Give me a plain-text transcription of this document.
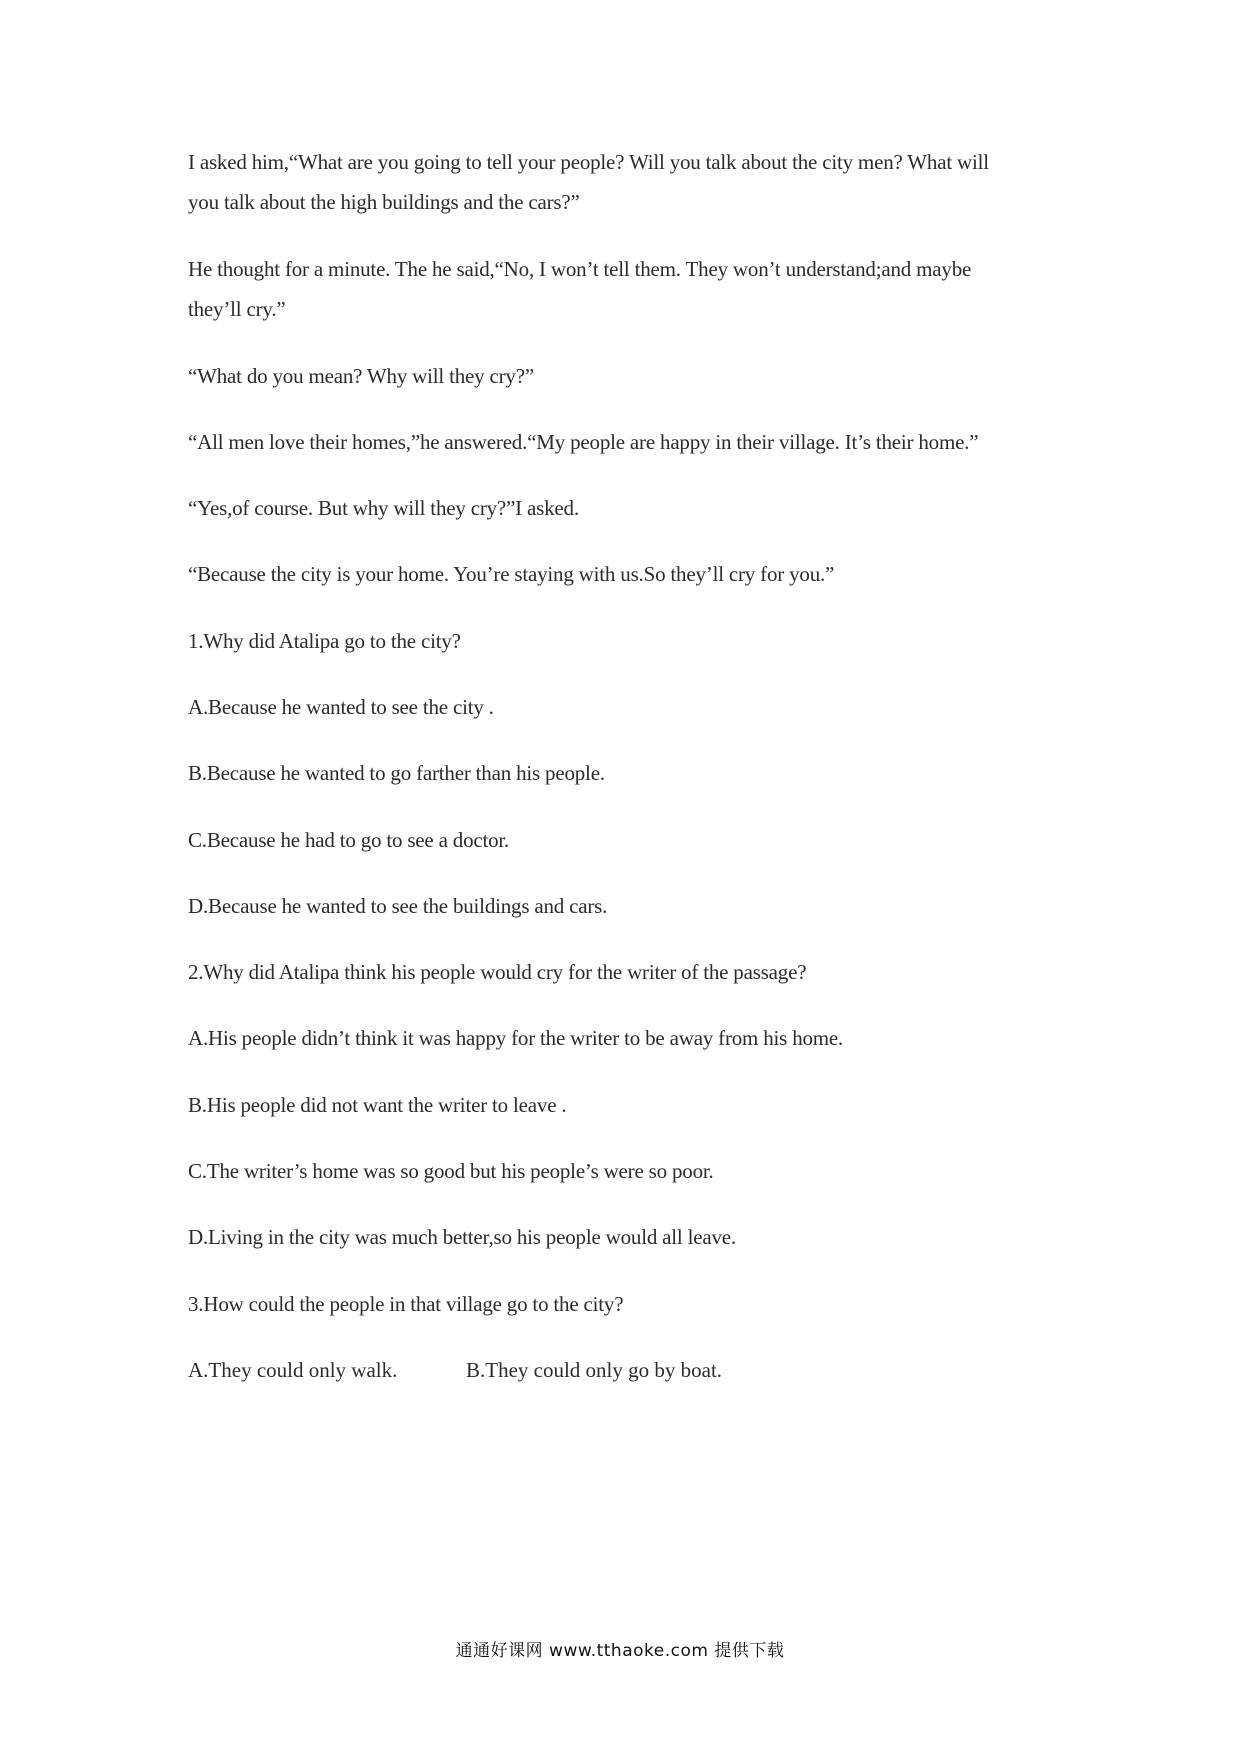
I asked him,“What are you going to tell your people? Will you talk about the city men? What will
you talk about the high buildings and the cars?”
He thought for a minute. The he said,“No, I won’t tell them. They won’t understand;and maybe
they’ll cry.”
“What do you mean? Why will they cry?”
“All men love their homes,”he answered.“My people are happy in their village. It’s their home.”
“Yes,of course. But why will they cry?”I asked.
“Because the city is your home. You’re staying with us.So they’ll cry for you.”
1.Why did Atalipa go to the city?
A.Because he wanted to see the city .
B.Because he wanted to go farther than his people.
C.Because he had to go to see a doctor.
D.Because he wanted to see the buildings and cars.
2.Why did Atalipa think his people would cry for the writer of the passage?
A.His people didn’t think it was happy for the writer to be away from his home.
B.His people did not want the writer to leave .
C.The writer’s home was so good but his people’s were so poor.
D.Living in the city was much better,so his people would all leave.
3.How could the people in that village go to the city?
A.They could only walk.	B.They could only go by boat.
通通好课网 www.tthaoke.com 提供下载
